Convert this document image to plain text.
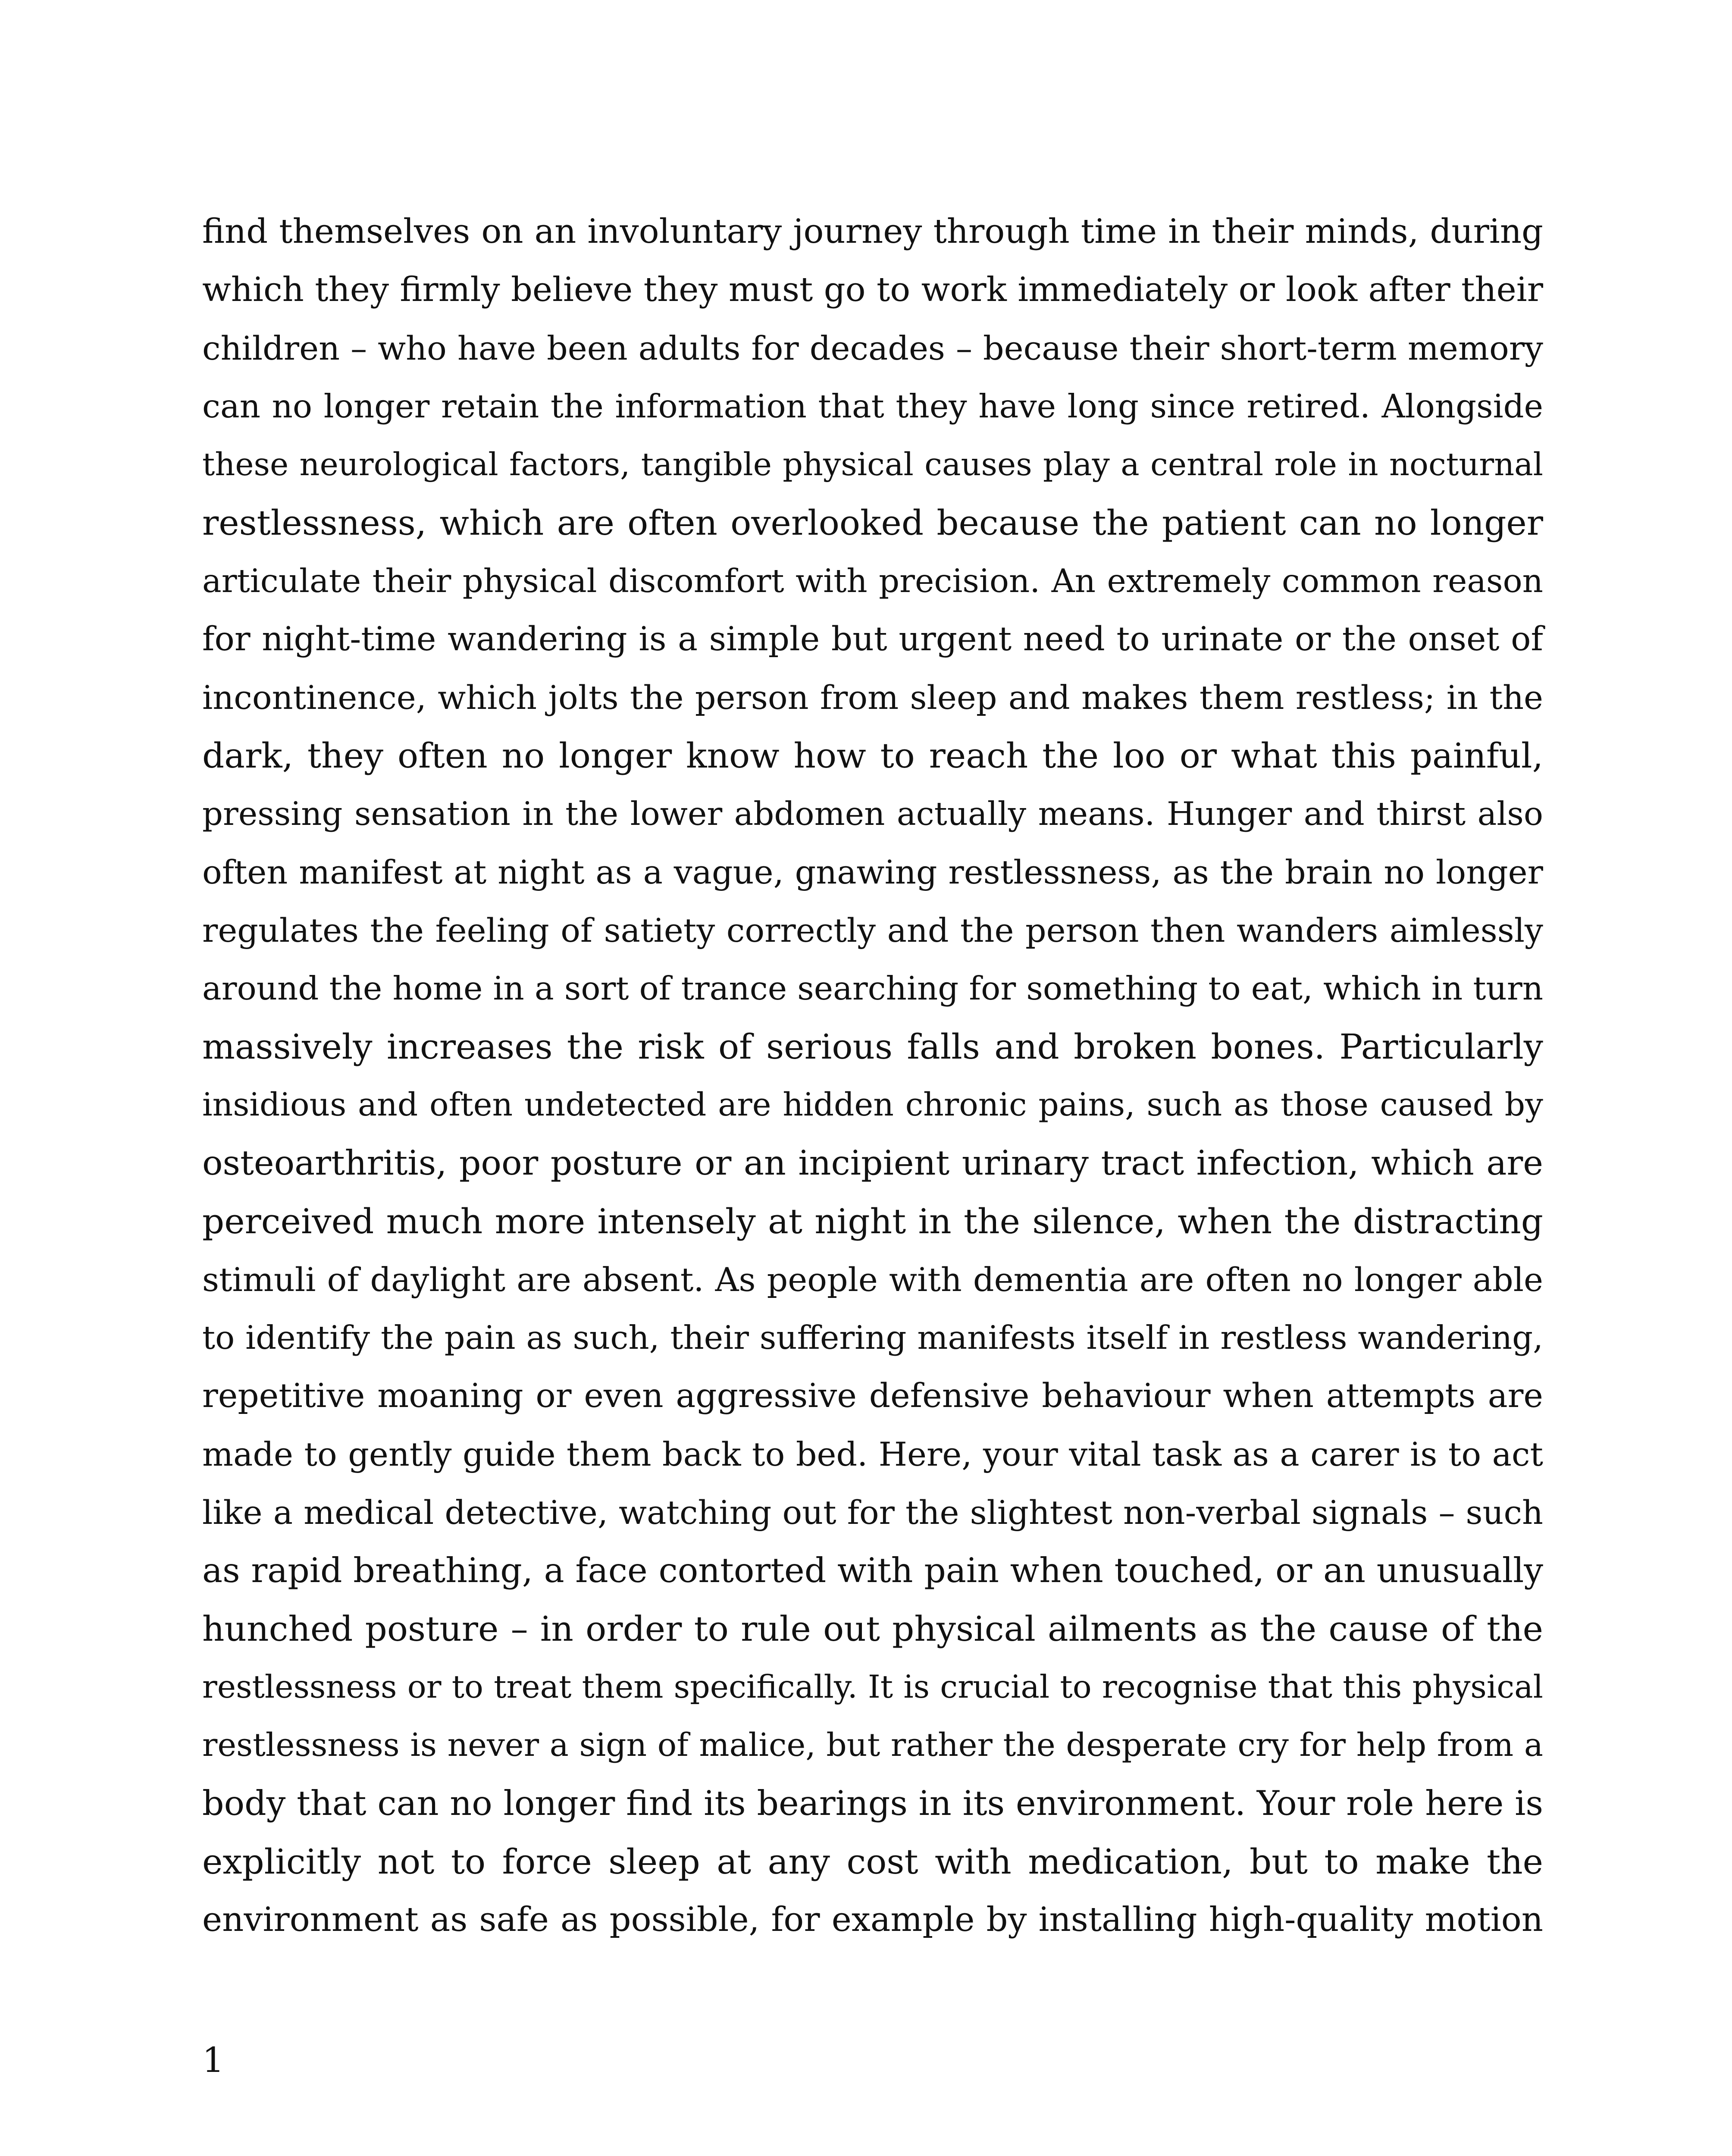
find themselves on an involuntary journey through time in their minds, during
which they firmly believe they must go to work immediately or look after their
children – who have been adults for decades – because their short-term memory
can no longer retain the information that they have long since retired. Alongside
these neurological factors, tangible physical causes play a central role in nocturnal
restlessness, which are often overlooked because the patient can no longer
articulate their physical discomfort with precision. An extremely common reason
for night-time wandering is a simple but urgent need to urinate or the onset of
incontinence, which jolts the person from sleep and makes them restless; in the
dark, they often no longer know how to reach the loo or what this painful,
pressing sensation in the lower abdomen actually means. Hunger and thirst also
often manifest at night as a vague, gnawing restlessness, as the brain no longer
regulates the feeling of satiety correctly and the person then wanders aimlessly
around the home in a sort of trance searching for something to eat, which in turn
massively increases the risk of serious falls and broken bones. Particularly
insidious and often undetected are hidden chronic pains, such as those caused by
osteoarthritis, poor posture or an incipient urinary tract infection, which are
perceived much more intensely at night in the silence, when the distracting
stimuli of daylight are absent. As people with dementia are often no longer able
to identify the pain as such, their suffering manifests itself in restless wandering,
repetitive moaning or even aggressive defensive behaviour when attempts are
made to gently guide them back to bed. Here, your vital task as a carer is to act
like a medical detective, watching out for the slightest non-verbal signals – such
as rapid breathing, a face contorted with pain when touched, or an unusually
hunched posture – in order to rule out physical ailments as the cause of the
restlessness or to treat them specifically. It is crucial to recognise that this physical
restlessness is never a sign of malice, but rather the desperate cry for help from a
body that can no longer find its bearings in its environment. Your role here is
explicitly not to force sleep at any cost with medication, but to make the
environment as safe as possible, for example by installing high-quality motion
1
